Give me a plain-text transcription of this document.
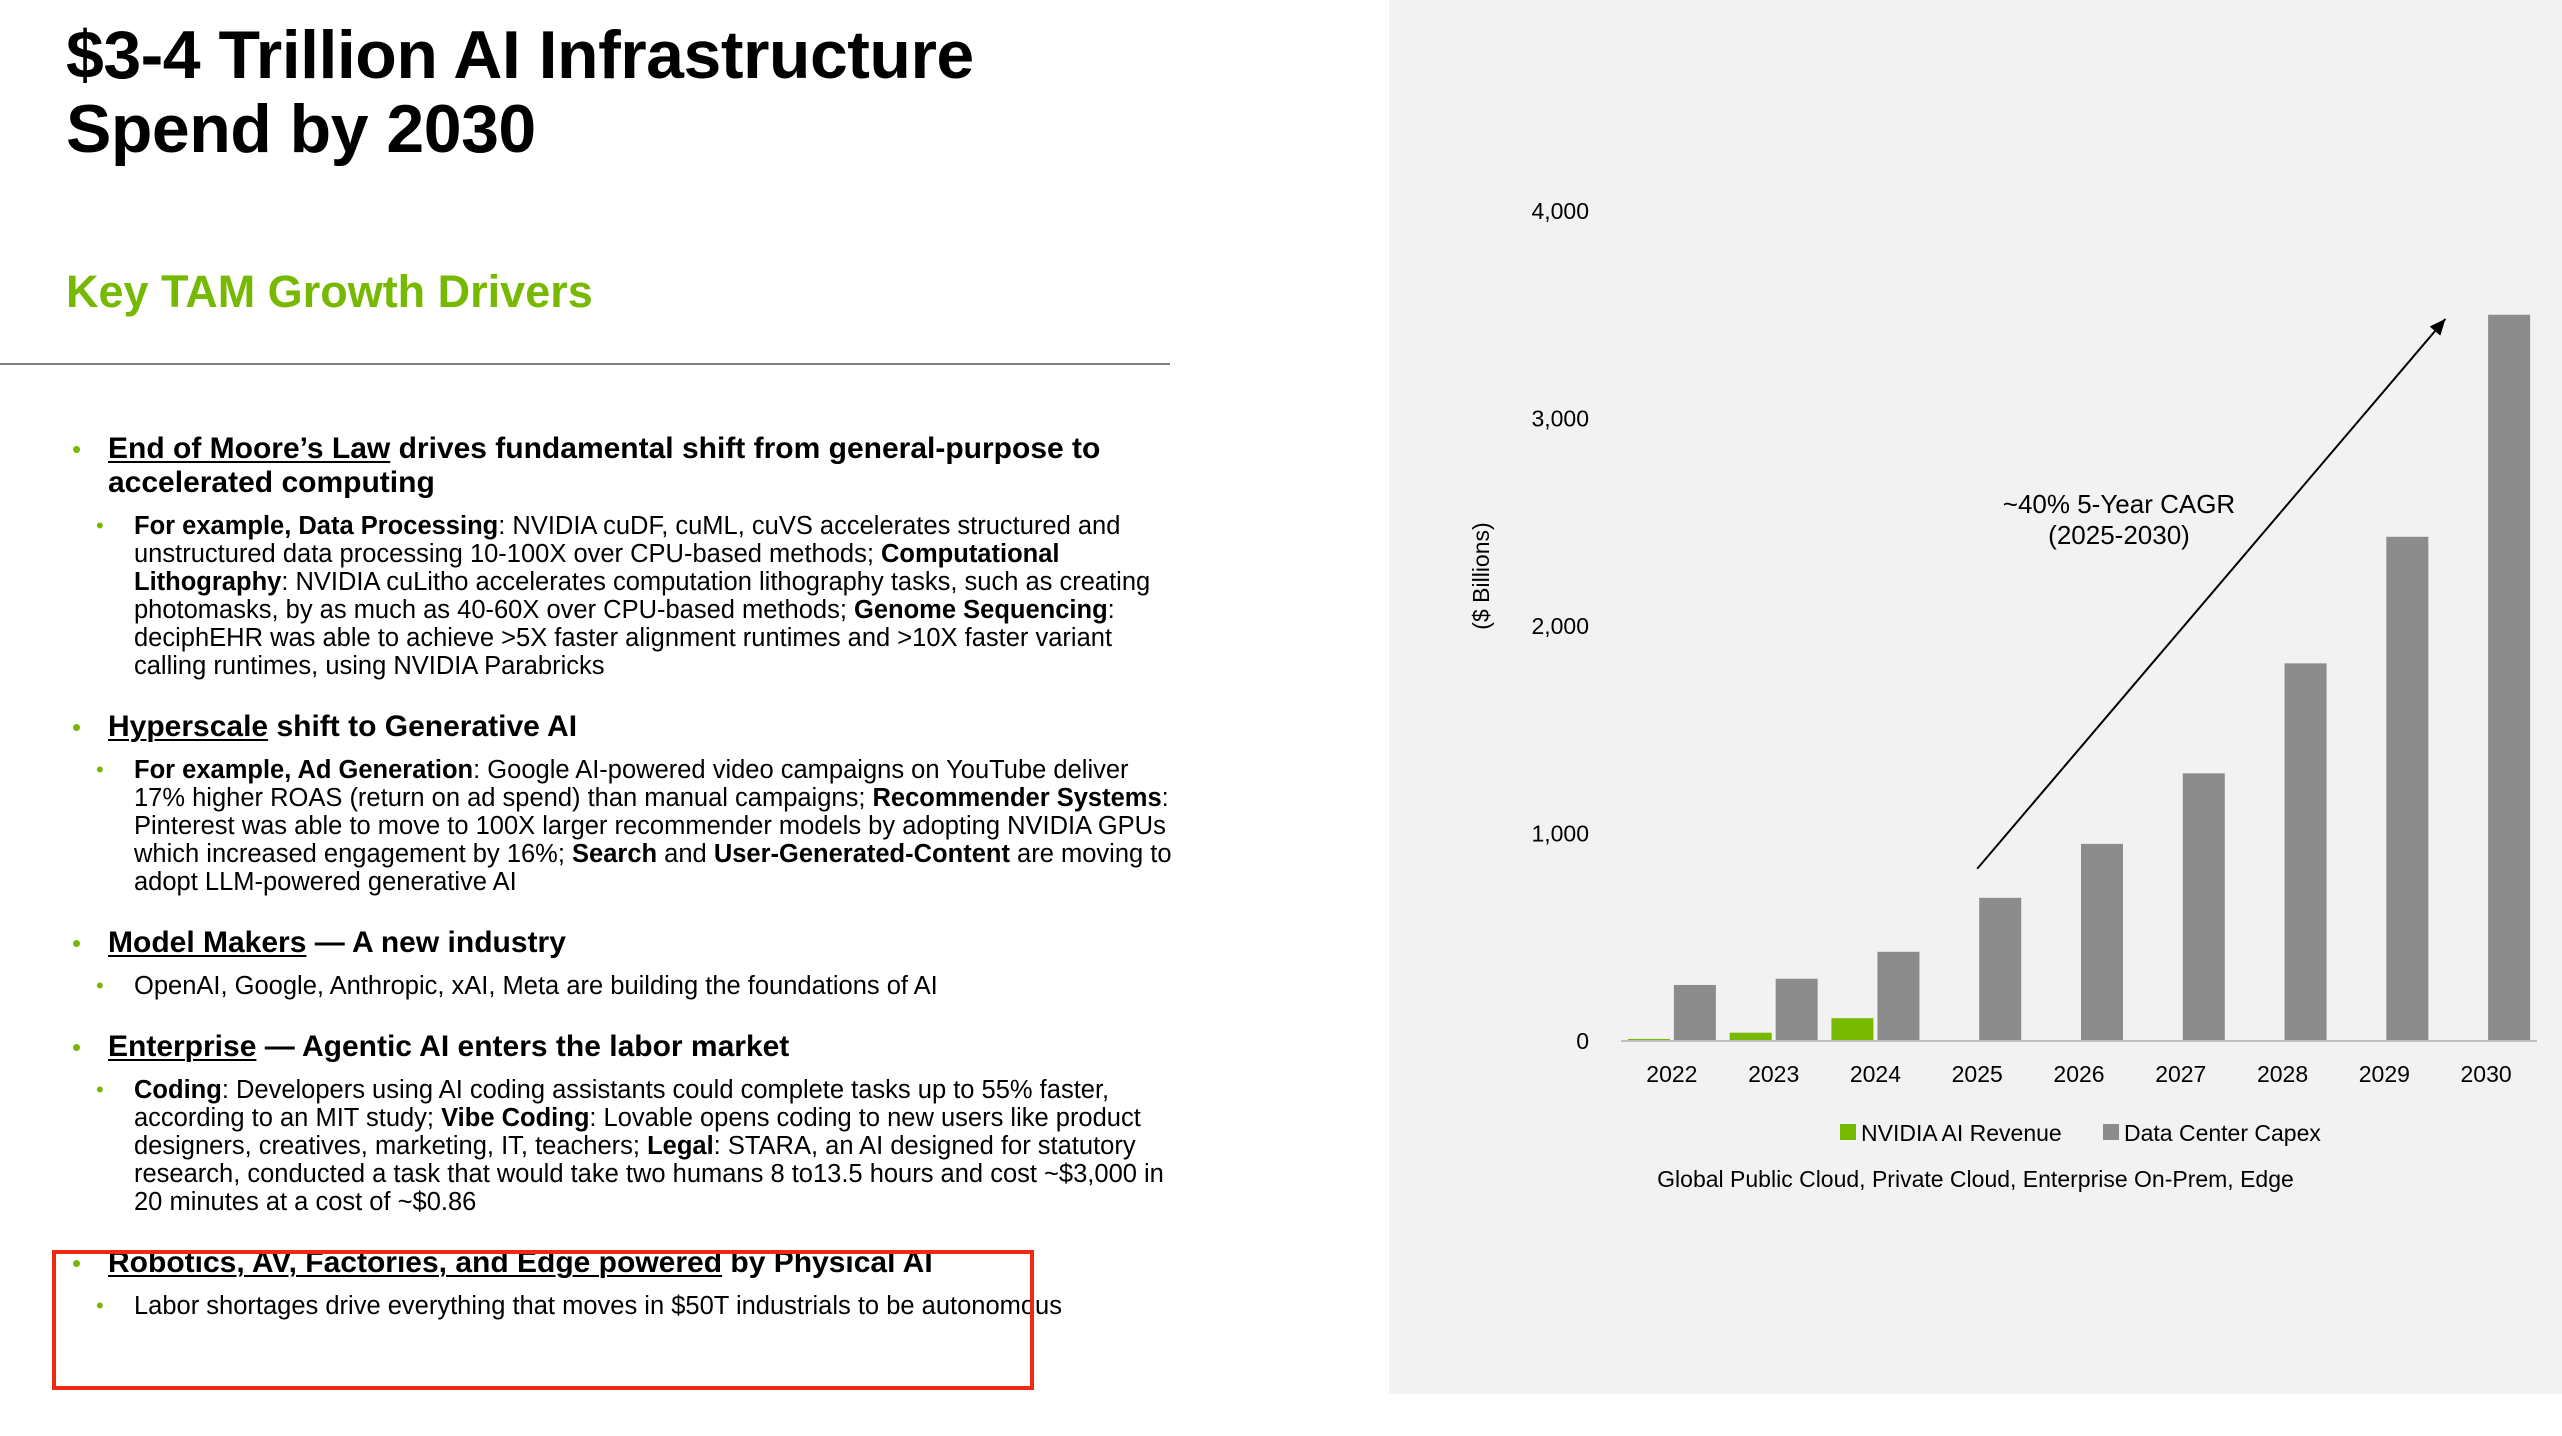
$3-4 Trillion AI Infrastructure
Spend by 2030
Key TAM Growth Drivers
• End of Moore’s Law drives fundamental shift from general-purpose to accelerated computing
• For example, Data Processing: NVIDIA cuDF, cuML, cuVS accelerates structured and unstructured data processing 10-100X over CPU-based methods; Computational Lithography: NVIDIA cuLitho accelerates computation lithography tasks, such as creating photomasks, by as much as 40-60X over CPU-based methods; Genome Sequencing: deciphEHR was able to achieve >5X faster alignment runtimes and >10X faster variant calling runtimes, using NVIDIA Parabricks
• Hyperscale shift to Generative AI
• For example, Ad Generation: Google AI-powered video campaigns on YouTube deliver 17% higher ROAS (return on ad spend) than manual campaigns; Recommender Systems: Pinterest was able to move to 100X larger recommender models by adopting NVIDIA GPUs which increased engagement by 16%; Search and User-Generated-Content are moving to adopt LLM-powered generative AI
• Model Makers — A new industry
• OpenAI, Google, Anthropic, xAI, Meta are building the foundations of AI
• Enterprise — Agentic AI enters the labor market
• Coding: Developers using AI coding assistants could complete tasks up to 55% faster, according to an MIT study; Vibe Coding: Lovable opens coding to new users like product designers, creatives, marketing, IT, teachers; Legal: STARA, an AI designed for statutory research, conducted a task that would take two humans 8 to13.5 hours and cost ~$3,000 in 20 minutes at a cost of ~$0.86
• Robotics, AV, Factories, and Edge powered by Physical AI
• Labor shortages drive everything that moves in $50T industrials to be autonomous
0
1,000
2,000
3,000
4,000
($ Billions)
2022 2023 2024 2025 2026 2027 2028 2029 2030
~40% 5-Year CAGR
(2025-2030)
NVIDIA AI Revenue	Data Center Capex
Global Public Cloud, Private Cloud, Enterprise On-Prem, Edge
